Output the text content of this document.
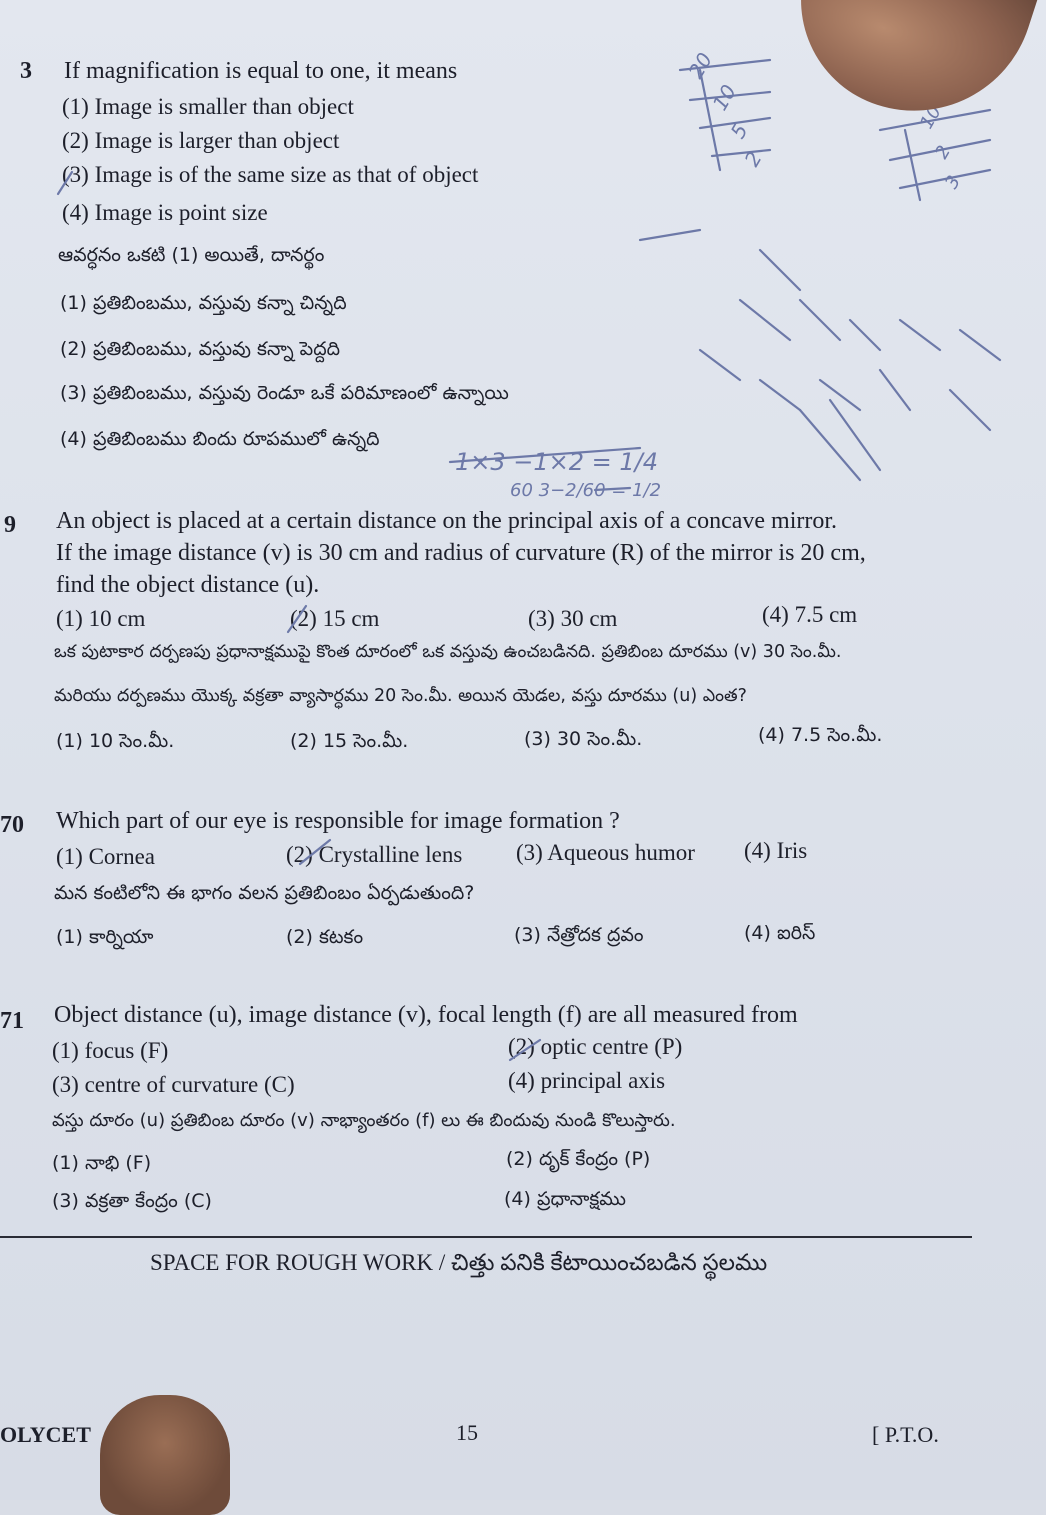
3 If magnification is equal to one, it means
(1) Image is smaller than object
(2) Image is larger than object
(3) Image is of the same size as that of object
(4) Image is point size
ఆవర్ధనం ఒకటి (1) అయితే, దానర్థం
(1) ప్రతిబింబము, వస్తువు కన్నా చిన్నది
(2) ప్రతిబింబము, వస్తువు కన్నా పెద్దది
(3) ప్రతిబింబము, వస్తువు రెండూ ఒకే పరిమాణంలో ఉన్నాయి
(4) ప్రతిబింబము బిందు రూపములో ఉన్నది
9 An object is placed at a certain distance on the principal axis of a concave mirror.
If the image distance (v) is 30 cm and radius of curvature (R) of the mirror is 20 cm,
find the object distance (u).
(1) 10 cm	(2) 15 cm	(3) 30 cm	(4) 7.5 cm
ఒక పుటాకార దర్పణపు ప్రధానాక్షముపై కొంత దూరంలో ఒక వస్తువు ఉంచబడినది. ప్రతిబింబ దూరము (v) 30 సెం.మీ.
మరియు దర్పణము యొక్క వక్రతా వ్యాసార్ధము 20 సెం.మీ. అయిన యెడల, వస్తు దూరము (u) ఎంత?
(1) 10 సెం.మీ.	(2) 15 సెం.మీ.	(3) 30 సెం.మీ.	(4) 7.5 సెం.మీ.
70 Which part of our eye is responsible for image formation ?
(1) Cornea	(2) Crystalline lens (3) Aqueous humor (4) Iris
మన కంటిలోని ఈ భాగం వలన ప్రతిబింబం ఏర్పడుతుంది?
(1) కార్నియా	(2) కటకం	(3) నేత్రోదక ద్రవం	(4) ఐరిస్
71 Object distance (u), image distance (v), focal length (f) are all measured from
(1) focus (F)	(2) optic centre (P)
(3) centre of curvature (C)	(4) principal axis
వస్తు దూరం (u) ప్రతిబింబ దూరం (v) నాభ్యాంతరం (f) లు ఈ బిందువు నుండి కొలుస్తారు.
(1) నాభి (F)	(2) దృక్ కేంద్రం (P)
(3) వక్రతా కేంద్రం (C)	(4) ప్రధానాక్షము
SPACE FOR ROUGH WORK / చిత్తు పనికి కేటాయించబడిన స్థలము
OLYCET	15	[ P.T.O.
20
10
5
2
10
2
3
1×3 −1×2 = 1/4
60 3−2/60 = 1/2
